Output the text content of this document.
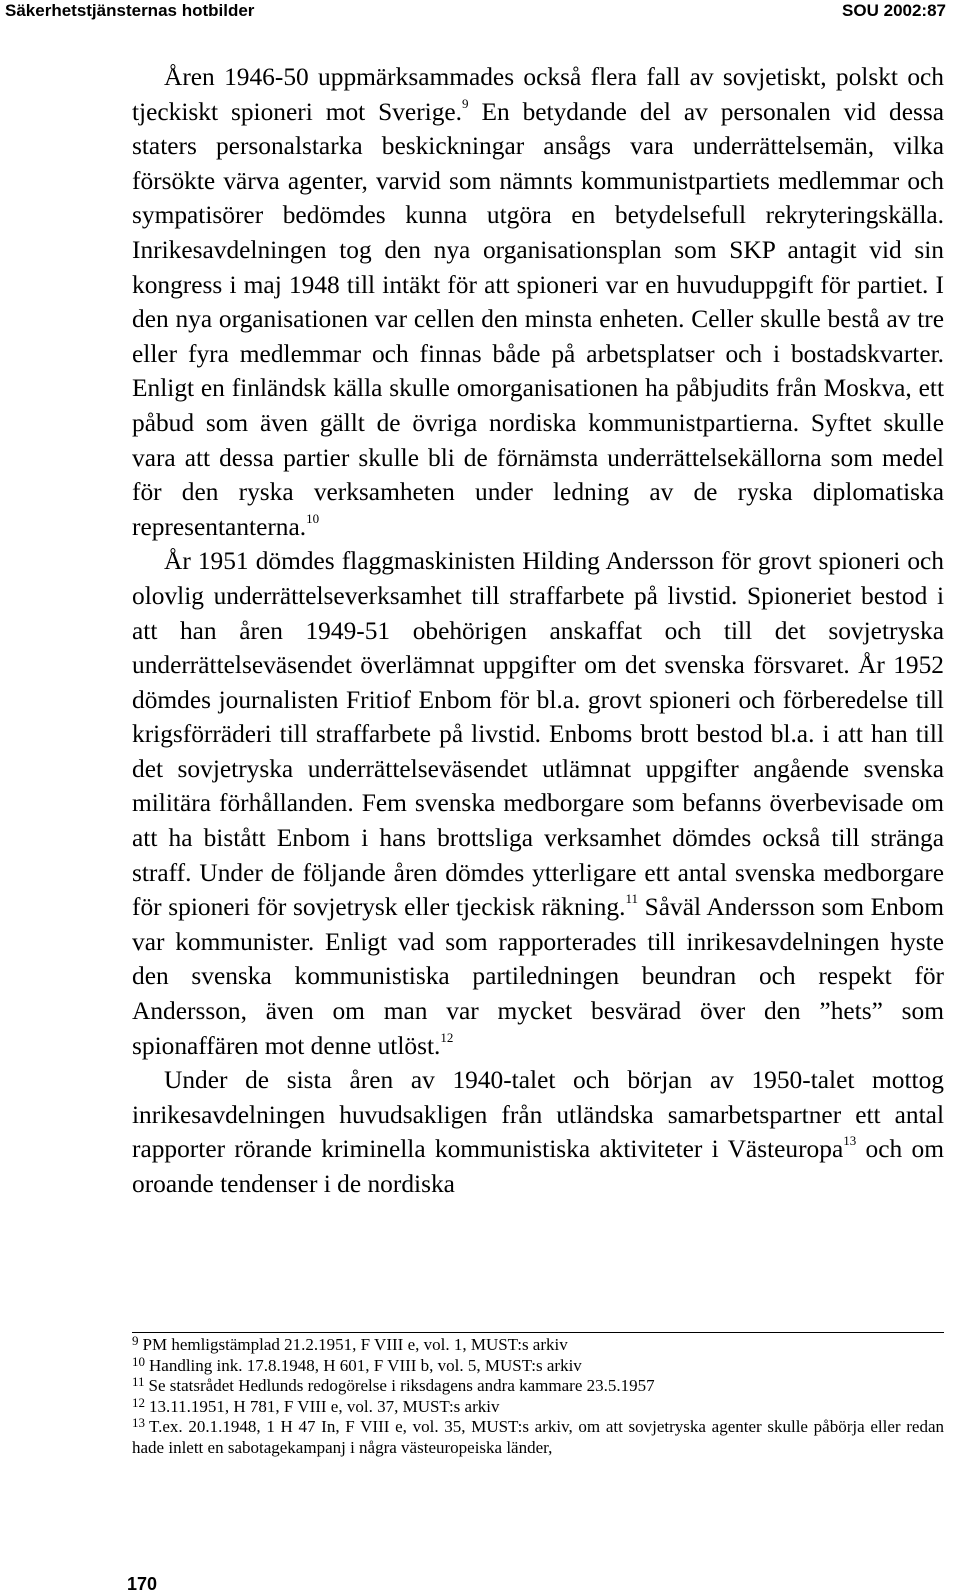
Säkerhetstjänsternas hotbilder	SOU 2002:87

Åren 1946-50 uppmärksammades också flera fall av sovjetiskt, polskt och tjeckiskt spioneri mot Sverige.$^9$ En betydande del av personalen vid dessa staters personalstarka beskickningar ansågs vara underrättelsemän, vilka försökte värva agenter, varvid som nämnts kommunistpartiets medlemmar och sympatisörer bedömdes kunna utgöra en betydelsefull rekryteringskälla. Inrikesavdelningen tog den nya organisationsplan som SKP antagit vid sin kongress i maj 1948 till intäkt för att spioneri var en huvuduppgift för partiet. I den nya organisationen var cellen den minsta enheten. Celler skulle bestå av tre eller fyra medlemmar och finnas både på arbetsplatser och i bostadskvarter. Enligt en finländsk källa skulle omorganisationen ha påbjudits från Moskva, ett påbud som även gällt de övriga nordiska kommunistpartierna. Syftet skulle vara att dessa partier skulle bli de förnämsta underrättelsekällorna som medel för den ryska verksamheten under ledning av de ryska diplomatiska representanterna.$^{10}$

År 1951 dömdes flaggmaskinisten Hilding Andersson för grovt spioneri och olovlig underrättelseverksamhet till straffarbete på livstid. Spioneriet bestod i att han åren 1949-51 obehörigen anskaffat och till det sovjetryska underrättelseväsendet överlämnat uppgifter om det svenska försvaret. År 1952 dömdes journalisten Fritiof Enbom för bl.a. grovt spioneri och förberedelse till krigsförräderi till straffarbete på livstid. Enboms brott bestod bl.a. i att han till det sovjetryska underrättelseväsendet utlämnat uppgifter angående svenska militära förhållanden. Fem svenska medborgare som befanns överbevisade om att ha bistått Enbom i hans brottsliga verksamhet dömdes också till stränga straff. Under de följande åren dömdes ytterligare ett antal svenska medborgare för spioneri för sovjetrysk eller tjeckisk räkning.$^{11}$ Såväl Andersson som Enbom var kommunister. Enligt vad som rapporterades till inrikesavdelningen hyste den svenska kommunistiska partiledningen beundran och respekt för Andersson, även om man var mycket besvärad över den ”hets” som spionaffären mot denne utlöst.$^{12}$

Under de sista åren av 1940-talet och början av 1950-talet mottog inrikesavdelningen huvudsakligen från utländska samarbetspartner ett antal rapporter rörande kriminella kommunistiska aktiviteter i Västeuropa$^{13}$ och om oroande tendenser i de nordiska

$^9$ PM hemligstämplad 21.2.1951, F VIII e, vol. 1, MUST:s arkiv

$^{10}$ Handling ink. 17.8.1948, H 601, F VIII b, vol. 5, MUST:s arkiv

$^{11}$ Se statsrådet Hedlunds redogörelse i riksdagens andra kammare 23.5.1957

$^{12}$ 13.11.1951, H 781, F VIII e, vol. 37, MUST:s arkiv

$^{13}$ T.ex. 20.1.1948, 1 H 47 In, F VIII e, vol. 35, MUST:s arkiv, om att sovjetryska agenter skulle påbörja eller redan hade inlett en sabotagekampanj i några västeuropeiska länder,

170
